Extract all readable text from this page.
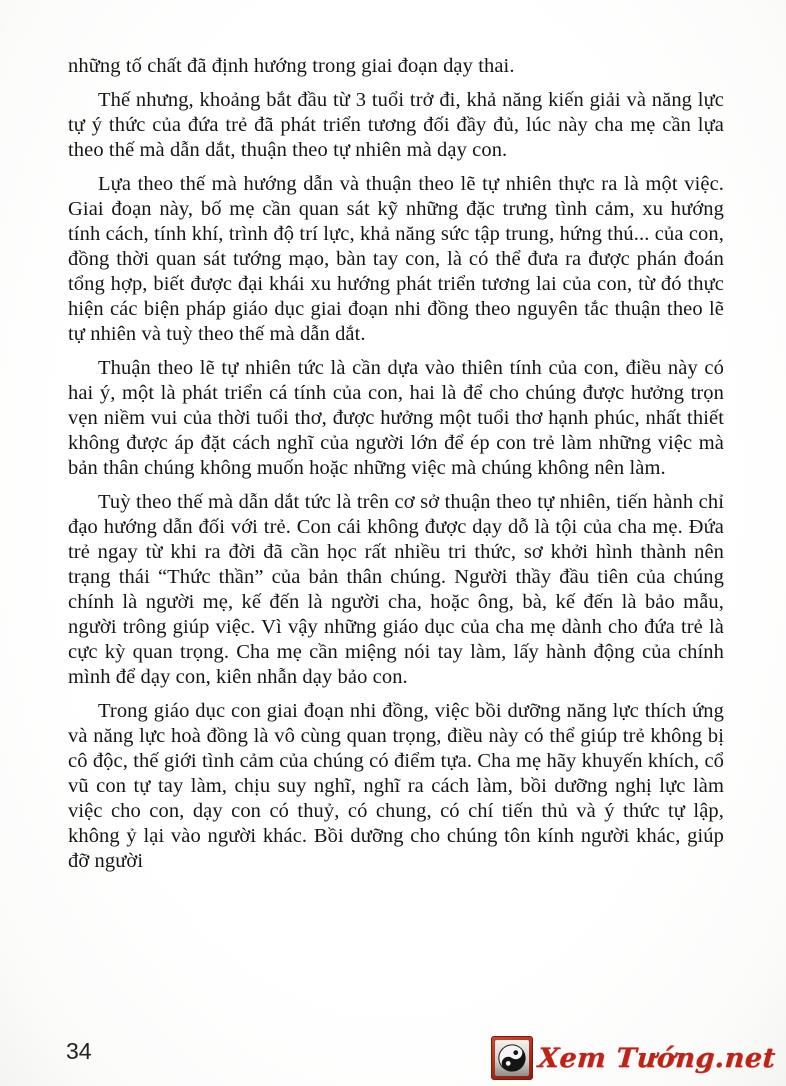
những tố chất đã định hướng trong giai đoạn dạy thai.

Thế nhưng, khoảng bắt đầu từ 3 tuổi trở đi, khả năng kiến giải và năng lực tự ý thức của đứa trẻ đã phát triển tương đối đầy đủ, lúc này cha mẹ cần lựa theo thế mà dẫn dắt, thuận theo tự nhiên mà dạy con.

Lựa theo thế mà hướng dẫn và thuận theo lẽ tự nhiên thực ra là một việc. Giai đoạn này, bố mẹ cần quan sát kỹ những đặc trưng tình cảm, xu hướng tính cách, tính khí, trình độ trí lực, khả năng sức tập trung, hứng thú... của con, đồng thời quan sát tướng mạo, bàn tay con, là có thể đưa ra được phán đoán tổng hợp, biết được đại khái xu hướng phát triển tương lai của con, từ đó thực hiện các biện pháp giáo dục giai đoạn nhi đồng theo nguyên tắc thuận theo lẽ tự nhiên và tuỳ theo thế mà dẫn dắt.

Thuận theo lẽ tự nhiên tức là cần dựa vào thiên tính của con, điều này có hai ý, một là phát triển cá tính của con, hai là để cho chúng được hưởng trọn vẹn niềm vui của thời tuổi thơ, được hưởng một tuổi thơ hạnh phúc, nhất thiết không được áp đặt cách nghĩ của người lớn để ép con trẻ làm những việc mà bản thân chúng không muốn hoặc những việc mà chúng không nên làm.

Tuỳ theo thế mà dẫn dắt tức là trên cơ sở thuận theo tự nhiên, tiến hành chỉ đạo hướng dẫn đối với trẻ. Con cái không được dạy dỗ là tội của cha mẹ. Đứa trẻ ngay từ khi ra đời đã cần học rất nhiều tri thức, sơ khởi hình thành nên trạng thái “Thức thần” của bản thân chúng. Người thầy đầu tiên của chúng chính là người mẹ, kế đến là người cha, hoặc ông, bà, kế đến là bảo mẫu, người trông giúp việc. Vì vậy những giáo dục của cha mẹ dành cho đứa trẻ là cực kỳ quan trọng. Cha mẹ cần miệng nói tay làm, lấy hành động của chính mình để dạy con, kiên nhẫn dạy bảo con.

Trong giáo dục con giai đoạn nhi đồng, việc bồi dưỡng năng lực thích ứng và năng lực hoà đồng là vô cùng quan trọng, điều này có thể giúp trẻ không bị cô độc, thế giới tình cảm của chúng có điểm tựa. Cha mẹ hãy khuyến khích, cổ vũ con tự tay làm, chịu suy nghĩ, nghĩ ra cách làm, bồi dưỡng nghị lực làm việc cho con, dạy con có thuỷ, có chung, có chí tiến thủ và ý thức tự lập, không ỷ lại vào người khác. Bồi dưỡng cho chúng tôn kính người khác, giúp đỡ người

34	Xem Tướng.net
